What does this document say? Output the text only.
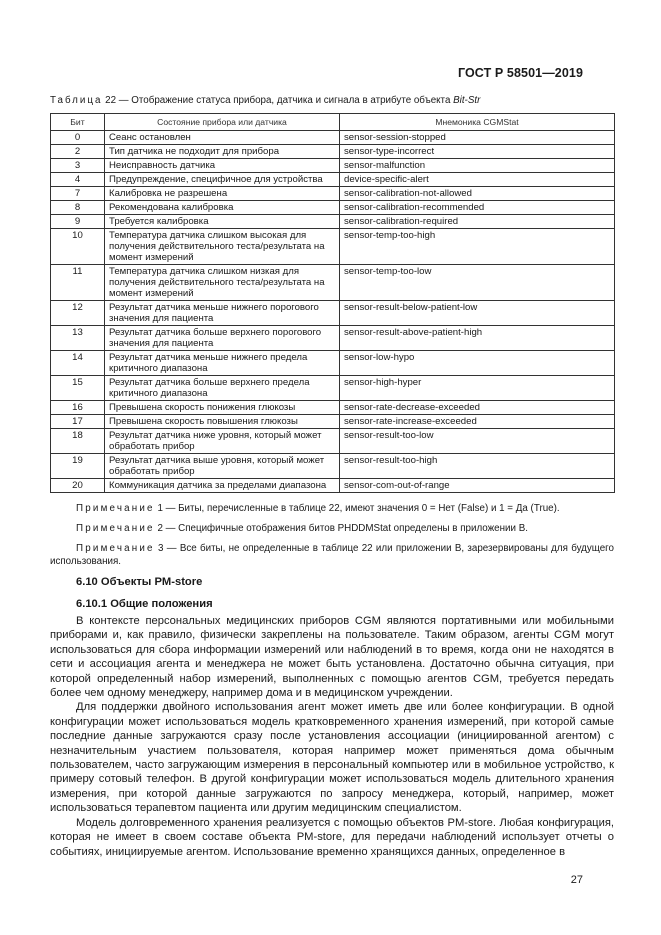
ГОСТ Р 58501—2019
Таблица 22 — Отображение статуса прибора, датчика и сигнала в атрибуте объекта Bit-Str
Бит	Состояние прибора или датчика	Мнемоника CGMStat
0	Сеанс остановлен	sensor-session-stopped
2	Тип датчика не подходит для прибора	sensor-type-incorrect
3	Неисправность датчика	sensor-malfunction
4	Предупреждение, специфичное для устройства	device-specific-alert
7	Калибровка не разрешена	sensor-calibration-not-allowed
8	Рекомендована калибровка	sensor-calibration-recommended
9	Требуется калибровка	sensor-calibration-required
10	Температура датчика слишком высокая для получения действительного теста/результата на момент измерений	sensor-temp-too-high
11	Температура датчика слишком низкая для получения действительного теста/результата на момент измерений	sensor-temp-too-low
12	Результат датчика меньше нижнего порогового значения для пациента	sensor-result-below-patient-low
13	Результат датчика больше верхнего порогового значения для пациента	sensor-result-above-patient-high
14	Результат датчика меньше нижнего предела критичного диапазона	sensor-low-hypo
15	Результат датчика больше верхнего предела критичного диапазона	sensor-high-hyper
16	Превышена скорость понижения глюкозы	sensor-rate-decrease-exceeded
17	Превышена скорость повышения глюкозы	sensor-rate-increase-exceeded
18	Результат датчика ниже уровня, который может обработать прибор	sensor-result-too-low
19	Результат датчика выше уровня, который может обработать прибор	sensor-result-too-high
20	Коммуникация датчика за пределами диапазона	sensor-com-out-of-range

Примечание 1 — Биты, перечисленные в таблице 22, имеют значения 0 = Нет (False) и 1 = Да (True).

Примечание 2 — Специфичные отображения битов PHDDMStat определены в приложении В.

Примечание 3 — Все биты, не определенные в таблице 22 или приложении В, зарезервированы для будущего использования.

6.10 Объекты PM-store
6.10.1 Общие положения

В контексте персональных медицинских приборов CGM являются портативными или мобильными приборами и, как правило, физически закреплены на пользователе. Таким образом, агенты CGM могут использоваться для сбора информации измерений или наблюдений в то время, когда они не находятся в сети и ассоциация агента и менеджера не может быть установлена. Достаточно обычна ситуация, при которой определенный набор измерений, выполненных с помощью агентов CGM, требуется передать более чем одному менеджеру, например дома и в медицинском учреждении.

Для поддержки двойного использования агент может иметь две или более конфигурации. В одной конфигурации может использоваться модель кратковременного хранения измерений, при которой самые последние данные загружаются сразу после установления ассоциации (инициированной агентом) с незначительным участием пользователя, которая например может применяться дома обычным пользователем, часто загружающим измерения в персональный компьютер или в мобильное устройство, к примеру сотовый телефон. В другой конфигурации может использоваться модель длительного хранения измерения, при которой данные загружаются по запросу менеджера, который, например, может использоваться терапевтом пациента или другим медицинским специалистом.

Модель долговременного хранения реализуется с помощью объектов PM-store. Любая конфигурация, которая не имеет в своем составе объекта PM-store, для передачи наблюдений использует отчеты о событиях, инициируемые агентом. Использование временно хранящихся данных, определенное в

27
